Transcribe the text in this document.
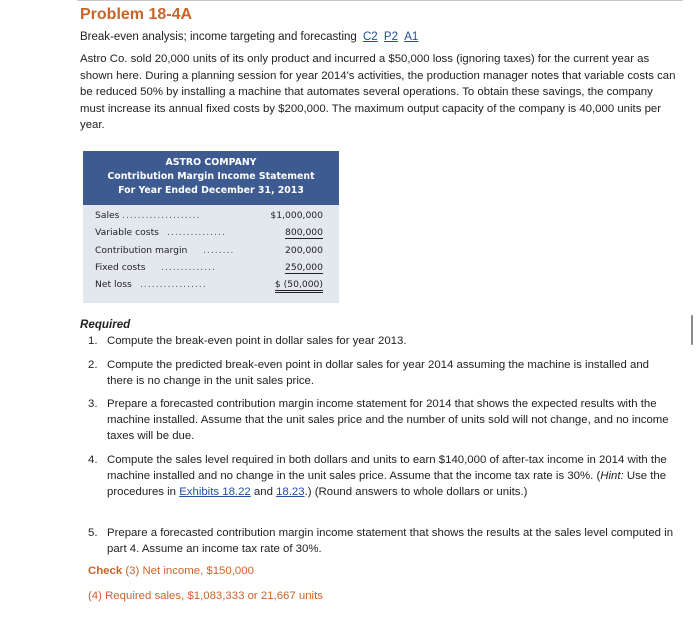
Problem 18-4A
Break-even analysis; income targeting and forecasting C2 P2 A1
Astro Co. sold 20,000 units of its only product and incurred a $50,000 loss (ignoring taxes) for the current year as shown here. During a planning session for year 2014's activities, the production manager notes that variable costs can be reduced 50% by installing a machine that automates several operations. To obtain these savings, the company must increase its annual fixed costs by $200,000. The maximum output capacity of the company is 40,000 units per year.
ASTRO COMPANY
Contribution Margin Income Statement
For Year Ended December 31, 2013
Sales ....................	$1,000,000
Variable costs ...............	800,000
Contribution margin ........	200,000
Fixed costs ..............	250,000
Net loss .................	$ (50,000)
Required
1. Compute the break-even point in dollar sales for year 2013.
2. Compute the predicted break-even point in dollar sales for year 2014 assuming the machine is installed and there is no change in the unit sales price.
3. Prepare a forecasted contribution margin income statement for 2014 that shows the expected results with the machine installed. Assume that the unit sales price and the number of units sold will not change, and no income taxes will be due.
4. Compute the sales level required in both dollars and units to earn $140,000 of after-tax income in 2014 with the machine installed and no change in the unit sales price. Assume that the income tax rate is 30%. (Hint: Use the procedures in Exhibits 18.22 and 18.23.) (Round answers to whole dollars or units.)
5. Prepare a forecasted contribution margin income statement that shows the results at the sales level computed in part 4. Assume an income tax rate of 30%.
Check (3) Net income, $150,000
(4) Required sales, $1,083,333 or 21,667 units
